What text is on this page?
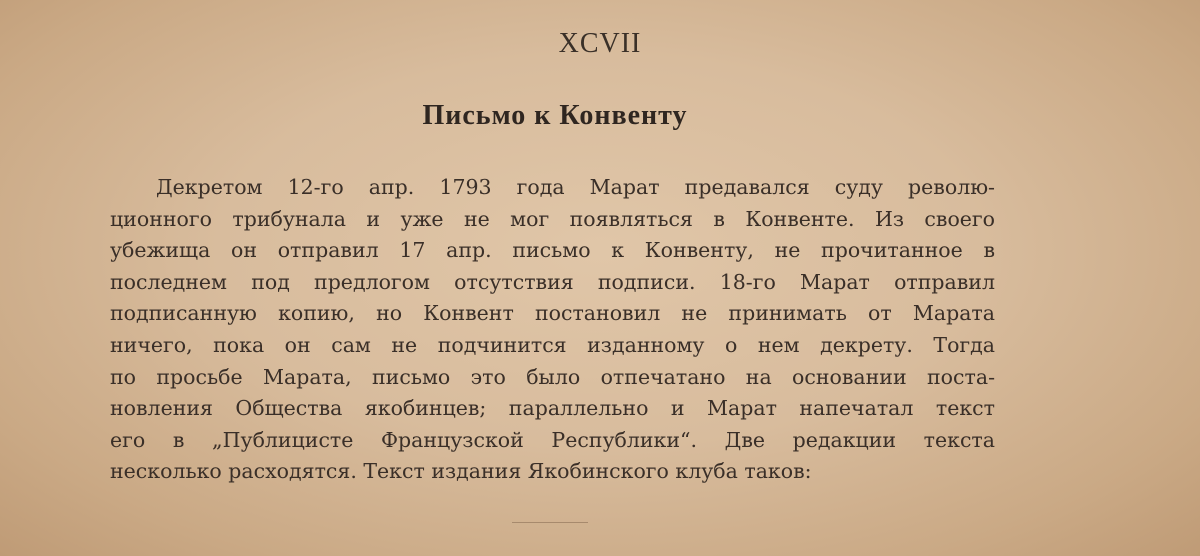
XCVII
Письмо к Конвенту
Декретом 12-го апр. 1793 года Марат предавался суду револю-
ционного трибунала и уже не мог появляться в Конвенте. Из своего
убежища он отправил 17 апр. письмо к Конвенту, не прочитанное в
последнем под предлогом отсутствия подписи. 18-го Марат отправил
подписанную копию, но Конвент постановил не принимать от Марата
ничего, пока он сам не подчинится изданному о нем декрету. Тогда
по просьбе Марата, письмо это было отпечатано на основании поста-
новления Общества якобинцев; параллельно и Марат напечатал текст
его в „Публицисте Французской Республики“. Две редакции текста
несколько расходятся. Текст издания Якобинского клуба таков:
